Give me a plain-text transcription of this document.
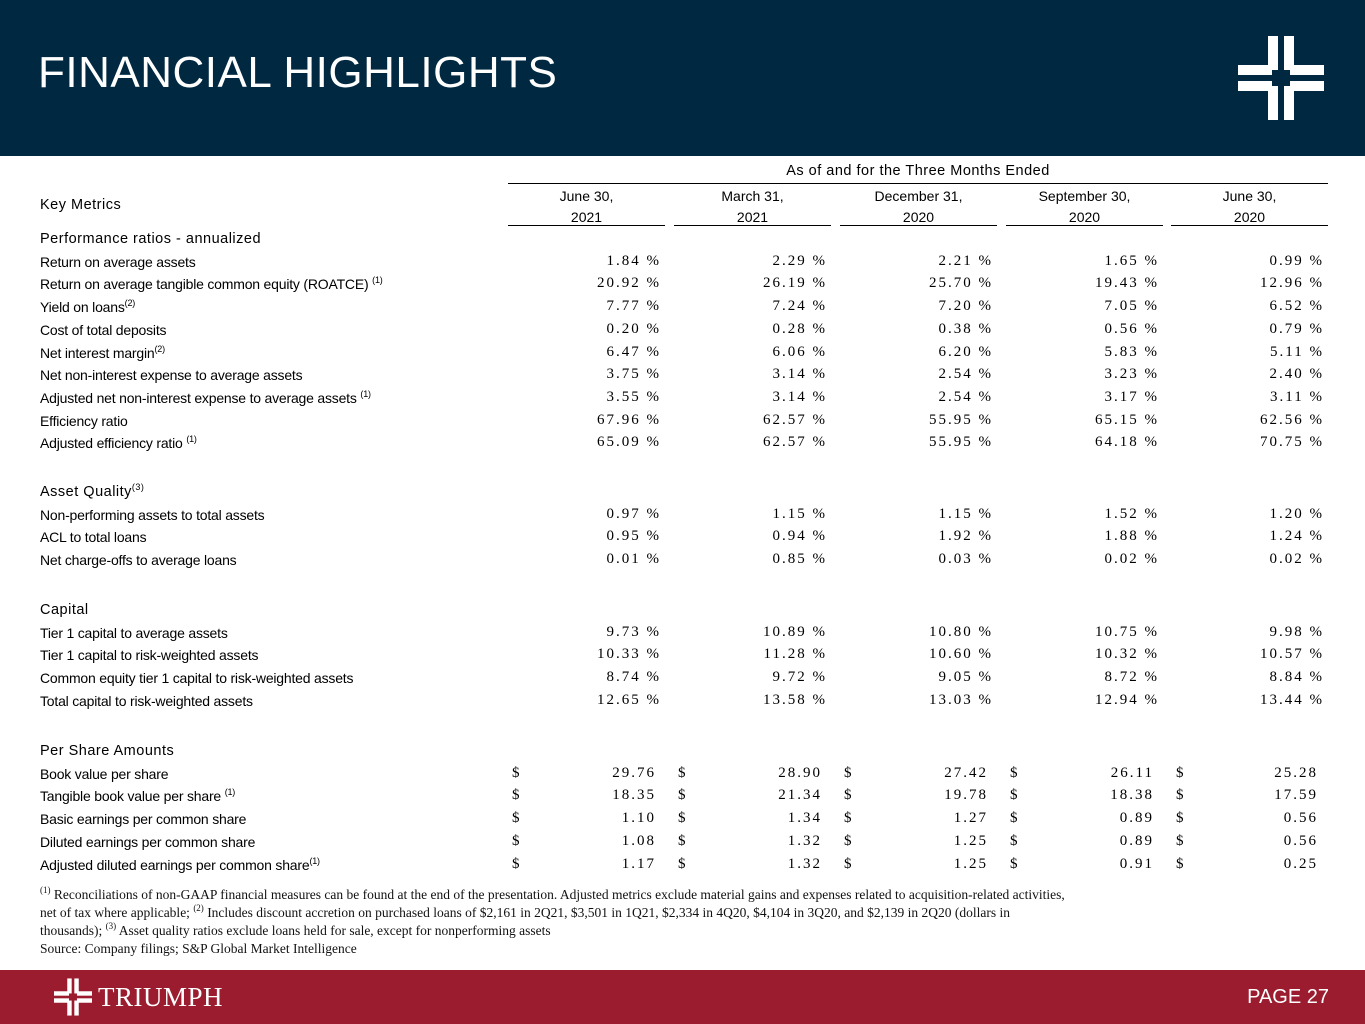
FINANCIAL HIGHLIGHTS
As of and for the Three Months Ended
Key Metrics
June 30,
2021
March 31,
2021
December 31,
2020
September 30,
2020
June 30,
2020
Performance ratios - annualized
Return on average assets	1.84 %	2.29 %	2.21 %	1.65 %	0.99 %
Return on average tangible common equity (ROATCE) $^{(1)}$	20.92 %	26.19 %	25.70 %	19.43 %	12.96 %
Yield on loans$^{(2)}$	7.77 %	7.24 %	7.20 %	7.05 %	6.52 %
Cost of total deposits	0.20 %	0.28 %	0.38 %	0.56 %	0.79 %
Net interest margin$^{(2)}$	6.47 %	6.06 %	6.20 %	5.83 %	5.11 %
Net non-interest expense to average assets	3.75 %	3.14 %	2.54 %	3.23 %	2.40 %
Adjusted net non-interest expense to average assets $^{(1)}$	3.55 %	3.14 %	2.54 %	3.17 %	3.11 %
Efficiency ratio	67.96 %	62.57 %	55.95 %	65.15 %	62.56 %
Adjusted efficiency ratio $^{(1)}$	65.09 %	62.57 %	55.95 %	64.18 %	70.75 %
Asset Quality$^{(3)}$
Non-performing assets to total assets	0.97 %	1.15 %	1.15 %	1.52 %	1.20 %
ACL to total loans	0.95 %	0.94 %	1.92 %	1.88 %	1.24 %
Net charge-offs to average loans	0.01 %	0.85 %	0.03 %	0.02 %	0.02 %
Capital
Tier 1 capital to average assets	9.73 %	10.89 %	10.80 %	10.75 %	9.98 %
Tier 1 capital to risk-weighted assets	10.33 %	11.28 %	10.60 %	10.32 %	10.57 %
Common equity tier 1 capital to risk-weighted assets	8.74 %	9.72 %	9.05 %	8.72 %	8.84 %
Total capital to risk-weighted assets	12.65 %	13.58 %	13.03 %	12.94 %	13.44 %
Per Share Amounts
Book value per share	$	29.76 $	28.90 $	27.42 $	26.11 $	25.28
Tangible book value per share $^{(1)}$	$	18.35 $	21.34 $	19.78 $	18.38 $	17.59
Basic earnings per common share	$	1.10 $	1.34 $	1.27 $	0.89 $	0.56
Diluted earnings per common share	$	1.08 $	1.32 $	1.25 $	0.89 $	0.56
Adjusted diluted earnings per common share$^{(1)}$	$	1.17 $	1.32 $	1.25 $	0.91 $	0.25

$^{(1)}$ Reconciliations of non-GAAP financial measures can be found at the end of the presentation. Adjusted metrics exclude material gains and expenses related to acquisition-related activities,

net of tax where applicable; $^{(2)}$ Includes discount accretion on purchased loans of $2,161 in 2Q21, $3,501 in 1Q21, $2,334 in 4Q20, $4,104 in 3Q20, and $2,139 in 2Q20 (dollars in

thousands); $^{(3)}$ Asset quality ratios exclude loans held for sale, except for nonperforming assets

Source: Company filings; S&P Global Market Intelligence

TRIUMPH	PAGE 27
